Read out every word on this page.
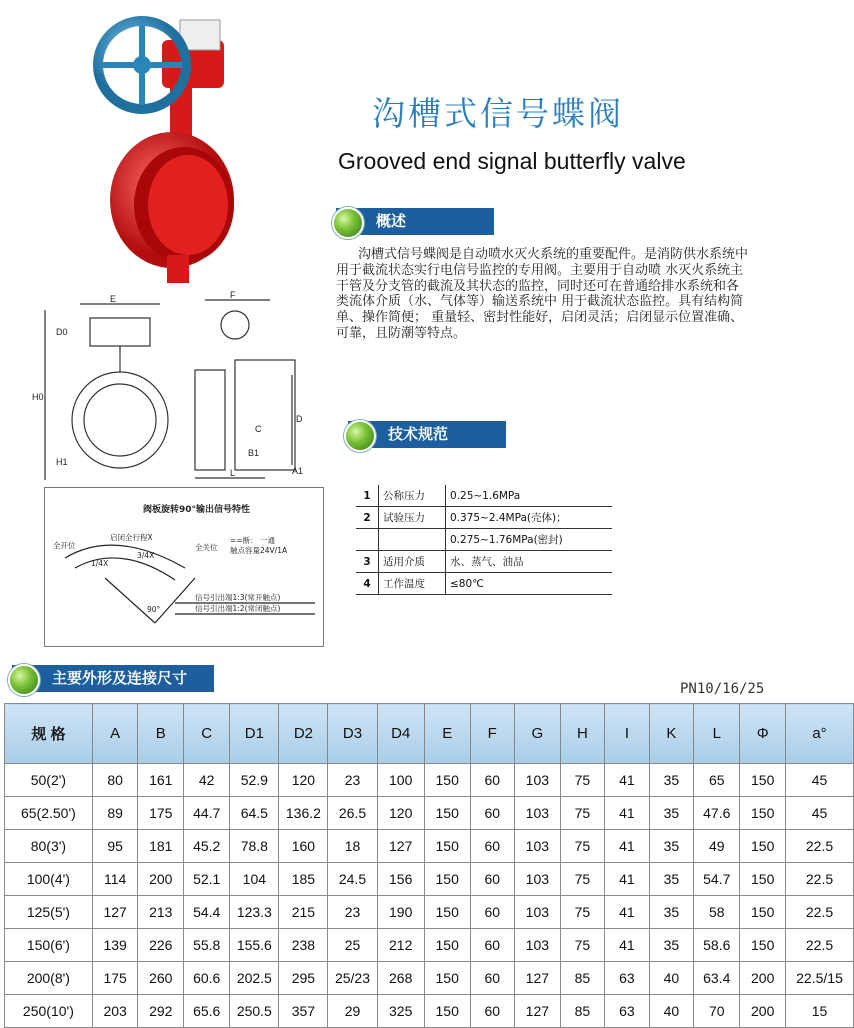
沟槽式信号蝶阀
Grooved end signal butterfly valve
概述
沟槽式信号蝶阀是自动喷水灭火系统的重要配件。是消防供水系统中用于截流状态实行电信号监控的专用阀。主要用于自动喷 水灭火系统主干管及分支管的截流及其状态的监控，同时还可在普通给排水系统和各类流体介质（水、气体等）输送系统中 用于截流状态监控。具有结构简单、操作简便； 重量轻、密封性能好，启闭灵活；启闭显示位置准确、可靠，且防潮等特点。
E	F
D0
H0
H1
D
L
C
B1
A1
阀板旋转90°输出信号特性
全开位	全关位
启闭全行程X
1/4X
3/4X
90°
==断： 一通
触点容量24V/1A
信号引出端1:3(常开触点)
信号引出端1:2(常闭触点)
技术规范
1	公称压力	0.25~1.6MPa
2	试验压力	0.375~2.4MPa(壳体)；
		0.275~1.76MPa(密封)
3	适用介质	水、蒸气、油品
4	工作温度	≤80℃
主要外形及连接尺寸
PN10/16/25
规 格	A	B	C	D1	D2	D3	D4	E	F	G	H	I	K	L	Φ	a°
50(2')	80	161	42	52.9	120	23	100	150	60	103	75	41	35	65	150	45
65(2.50')	89	175	44.7	64.5	136.2	26.5	120	150	60	103	75	41	35	47.6	150	45
80(3')	95	181	45.2	78.8	160	18	127	150	60	103	75	41	35	49	150	22.5
100(4')	114	200	52.1	104	185	24.5	156	150	60	103	75	41	35	54.7	150	22.5
125(5')	127	213	54.4	123.3	215	23	190	150	60	103	75	41	35	58	150	22.5
150(6')	139	226	55.8	155.6	238	25	212	150	60	103	75	41	35	58.6	150	22.5
200(8')	175	260	60.6	202.5	295	25/23	268	150	60	127	85	63	40	63.4	200	22.5/15
250(10')	203	292	65.6	250.5	357	29	325	150	60	127	85	63	40	70	200	15
